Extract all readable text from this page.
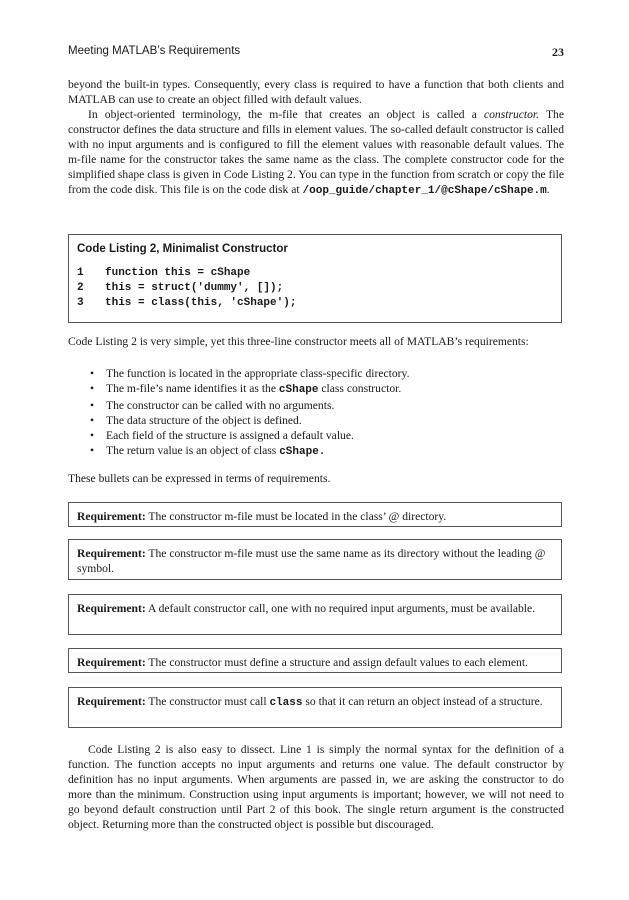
Meeting MATLAB’s Requirements	23

beyond the built-in types. Consequently, every class is required to have a function that both clients and MATLAB can use to create an object filled with default values.

In object-oriented terminology, the m-file that creates an object is called a constructor. The constructor defines the data structure and fills in element values. The so-called default constructor is called with no input arguments and is configured to fill the element values with reasonable default values. The m-file name for the constructor takes the same name as the class. The complete constructor code for the simplified shape class is given in Code Listing 2. You can type in the function from scratch or copy the file from the code disk. This file is on the code disk at /oop_guide/chapter_1/@cShape/cShape.m.

Code Listing 2, Minimalist Constructor
1 function this = cShape
2 this = struct('dummy', []);
3 this = class(this, 'cShape');

Code Listing 2 is very simple, yet this three-line constructor meets all of MATLAB’s requirements:

• The function is located in the appropriate class-specific directory.
• The m-file’s name identifies it as the cShape class constructor.
• The constructor can be called with no arguments.
• The data structure of the object is defined.
• Each field of the structure is assigned a default value.
• The return value is an object of class cShape.

These bullets can be expressed in terms of requirements.

Requirement: The constructor m-file must be located in the class’ @ directory.
Requirement: The constructor m-file must use the same name as its directory without the leading @ symbol.
Requirement: A default constructor call, one with no required input arguments, must be available.
Requirement: The constructor must define a structure and assign default values to each element.
Requirement: The constructor must call class so that it can return an object instead of a structure.

Code Listing 2 is also easy to dissect. Line 1 is simply the normal syntax for the definition of a function. The function accepts no input arguments and returns one value. The default constructor by definition has no input arguments. When arguments are passed in, we are asking the constructor to do more than the minimum. Construction using input arguments is important; however, we will not need to go beyond default construction until Part 2 of this book. The single return argument is the constructed object. Returning more than the constructed object is possible but discouraged.
